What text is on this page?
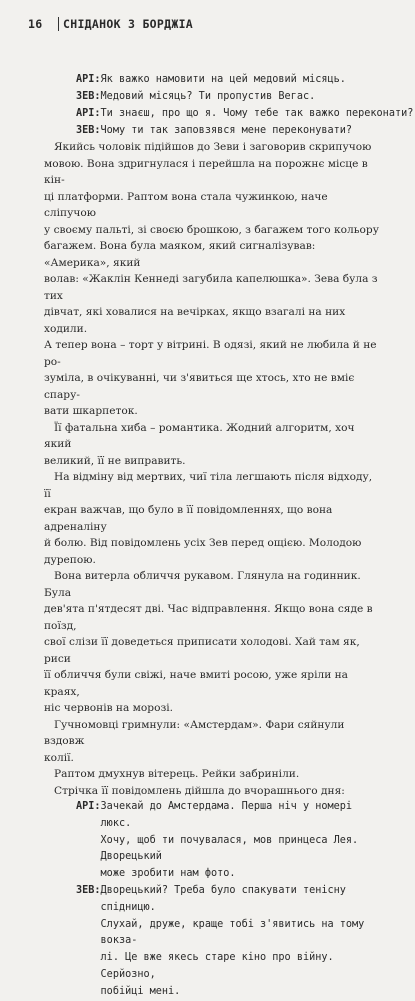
16	СНІДАНОК З БОРДЖІА
АРІ:Як важко намовити на цей медовий місяць.
ЗЕВ:Медовий місяць? Ти пропустив Вегас.
АРІ:Ти знаєш, про що я. Чому тебе так важко переконати?
ЗЕВ:Чому ти так заповзявся мене переконувати?
Якийсь чоловік підійшов до Зеви і заговорив скрипучою
мовою. Вона здригнулася і перейшла на порожнє місце в кін-
ці платформи. Раптом вона стала чужинкою, наче сліпучою
у своєму пальті, зі своєю брошкою, з багажем того кольору
багажем. Вона була маяком, який сигналізував: «Америка», який
волав: «Жаклін Кеннеді загубила капелюшка». Зева була з тих
дівчат, які ховалися на вечірках, якщо взагалі на них ходили.
А тепер вона – торт у вітрині. В одязі, який не любила й не ро-
зуміла, в очікуванні, чи з'явиться ще хтось, хто не вміє спару-
вати шкарпеток.
Її фатальна хиба – романтика. Жодний алгоритм, хоч який
великий, її не виправить.
На відміну від мертвих, чиї тіла легшають після відходу, її
екран важчав, що було в її повідомленнях, що вона адреналіну
й болю. Від повідомлень усіх Зев перед ощією. Молодою дурепою.
Вона витерла обличчя рукавом. Глянула на годинник. Була
дев'ята п'ятдесят дві. Час відправлення. Якщо вона сяде в поїзд,
свої слізи її доведеться приписати холодові. Хай там як, риси
її обличчя були свіжі, наче вмиті росою, уже яріли на краях,
ніс червонів на морозі.
Гучномовці гримнули: «Амстердам». Фари сяйнули вздовж
колії.
Раптом дмухнув вітерець. Рейки забриніли.
Стрічка її повідомлень дійшла до вчорашнього дня:
АРІ: Зачекай до Амстердама. Перша ніч у номері люкс.
Хочу, щоб ти почувалася, мов принцеса Лея. Дворецький
може зробити нам фото.
ЗЕВ: Дворецький? Треба було спакувати тенісну спідницю.
Слухай, друже, краще тобі з'явитись на тому вокза-
лі. Це вже якесь старе кіно про війну. Серйозно,
побійці мені.
